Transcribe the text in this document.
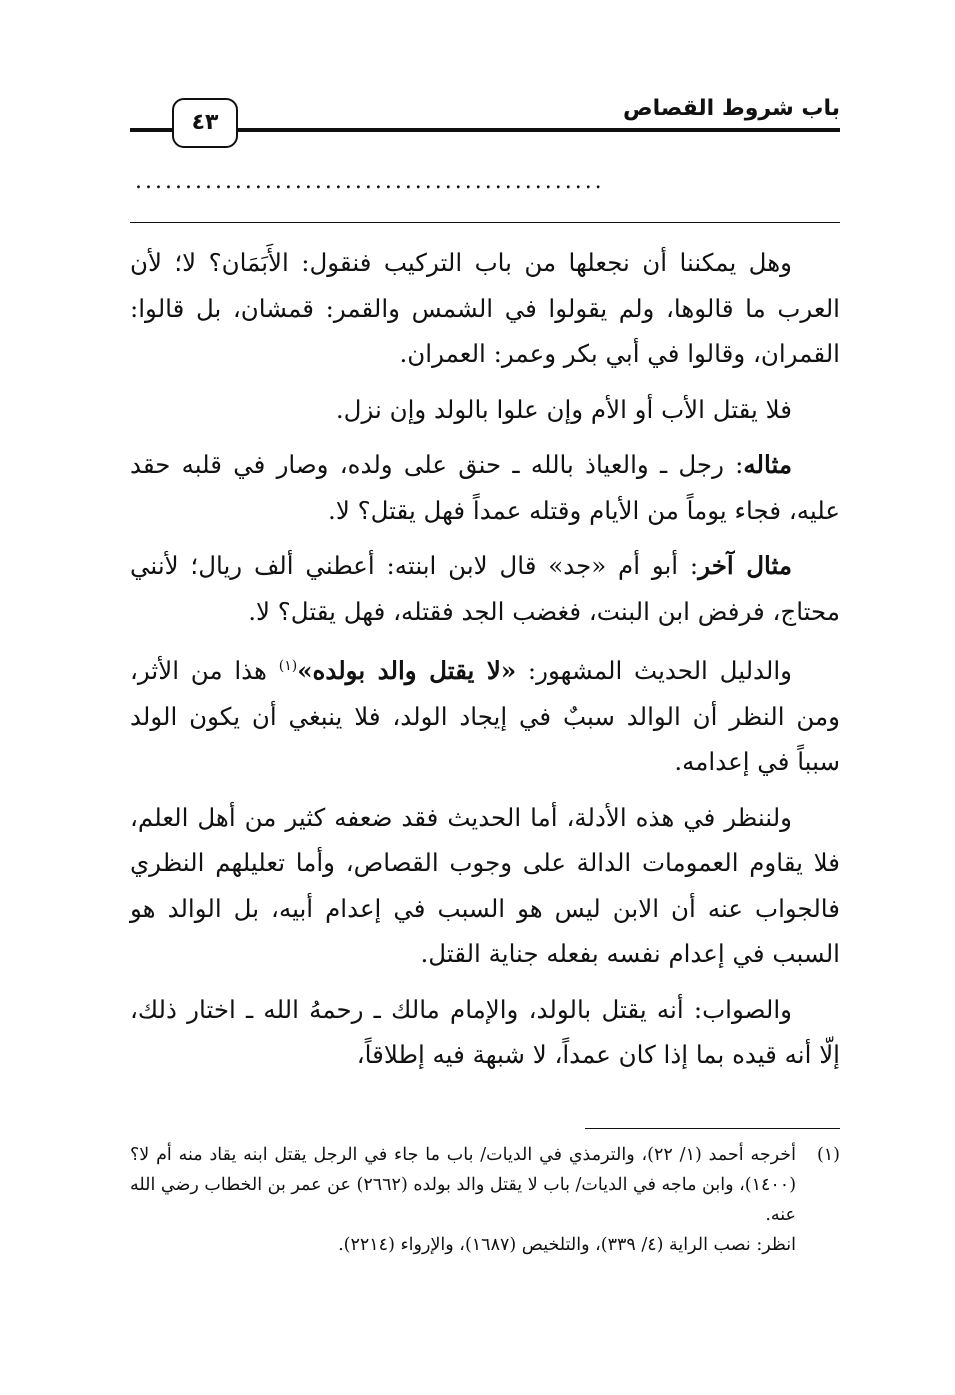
باب شروط القصاص
٤٣
...............................................

وهل يمكننا أن نجعلها من باب التركيب فنقول: الأَبَمَان؟ لا؛ لأن العرب ما قالوها، ولم يقولوا في الشمس والقمر: قمشان، بل قالوا: القمران، وقالوا في أبي بكر وعمر: العمران.

فلا يقتل الأب أو الأم وإن علوا بالولد وإن نزل.

مثاله: رجل ـ والعياذ بالله ـ حنق على ولده، وصار في قلبه حقد عليه، فجاء يوماً من الأيام وقتله عمداً فهل يقتل؟ لا.

مثال آخر: أبو أم «جد» قال لابن ابنته: أعطني ألف ريال؛ لأنني محتاج، فرفض ابن البنت، فغضب الجد فقتله، فهل يقتل؟ لا.

والدليل الحديث المشهور: «لا يقتل والد بولده»$^{(١)}$ هذا من الأثر، ومن النظر أن الوالد سببٌ في إيجاد الولد، فلا ينبغي أن يكون الولد سبباً في إعدامه.

ولننظر في هذه الأدلة، أما الحديث فقد ضعفه كثير من أهل العلم، فلا يقاوم العمومات الدالة على وجوب القصاص، وأما تعليلهم النظري فالجواب عنه أن الابن ليس هو السبب في إعدام أبيه، بل الوالد هو السبب في إعدام نفسه بفعله جناية القتل.

والصواب: أنه يقتل بالولد، والإمام مالك ـ رحمهُ الله ـ اختار ذلك، إلّا أنه قيده بما إذا كان عمداً، لا شبهة فيه إطلاقاً،

(١)

أخرجه أحمد (١/ ٢٢)، والترمذي في الديات/ باب ما جاء في الرجل يقتل ابنه يقاد منه أم لا؟ (١٤٠٠)، وابن ماجه في الديات/ باب لا يقتل والد بولده (٢٦٦٢) عن عمر بن الخطاب رضي الله عنه.

انظر: نصب الراية (٤/ ٣٣٩)، والتلخيص (١٦٨٧)، والإرواء (٢٢١٤).
